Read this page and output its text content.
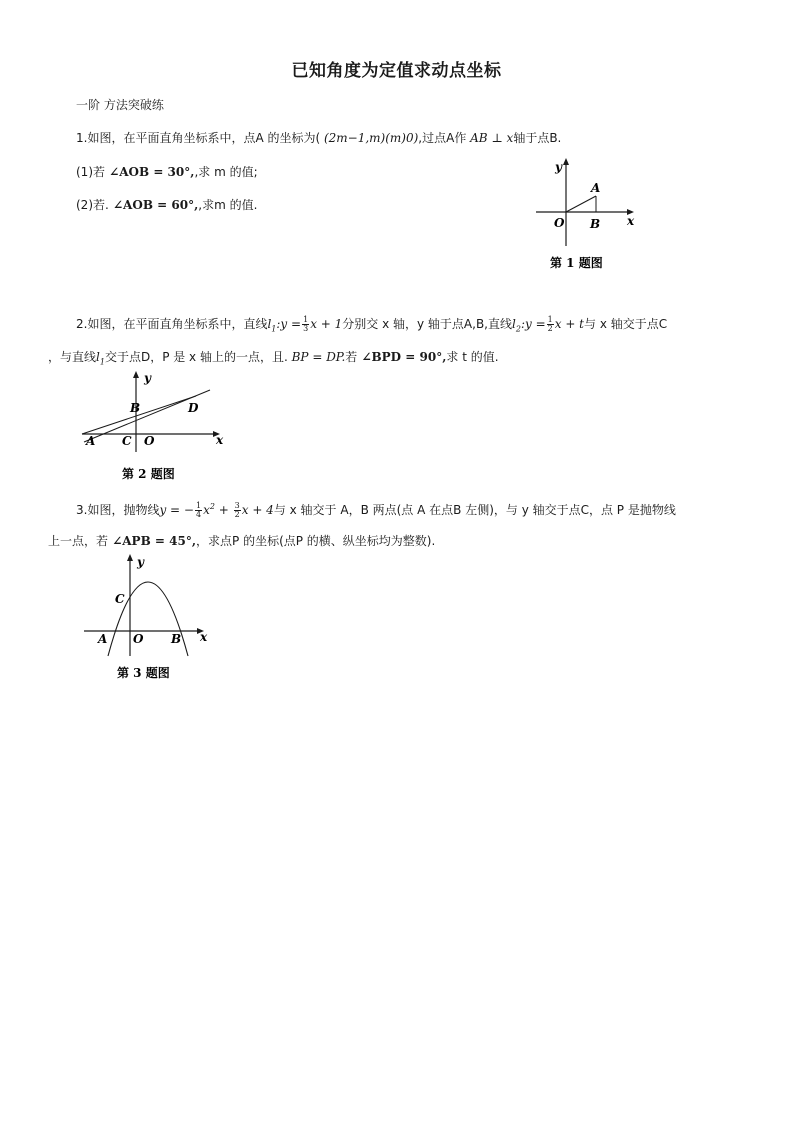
已知角度为定值求动点坐标
一阶 方法突破练
1.如图，在平面直角坐标系中，点A 的坐标为( (2m−1,m)(m)0),过点A作 AB ⊥ x轴于点B.
(1)若 ∠AOB = 30°,,求 m 的值;
(2)若. ∠AOB = 60°,,求m 的值.
y
A
O B x
第 1 题图
2.如图，在平面直角坐标系中，直线$l_1:y = \frac{1}{3}$ x + 1分别交 x 轴，y 轴于点A,B,直线$l_2:y = \frac{1}{2}$ x + t与 x 轴交于点C
，与直线$l_1$交于点D，P 是 x 轴上的一点，且. BP = DP.若 ∠BPD = 90°,求 t 的值.
y
B	D
A C O	x
第 2 题图
3.如图，抛物线y = − $\frac{1}{4} x^2 + \frac{3}{2}$ x + 4与 x 轴交于 A，B 两点(点 A 在点B 左侧)，与 y 轴交于点C，点 P 是抛物线
上一点，若 ∠APB = 45°,，求点P 的坐标(点P 的横、纵坐标均为整数).
y
C
A O B x
第 3 题图
